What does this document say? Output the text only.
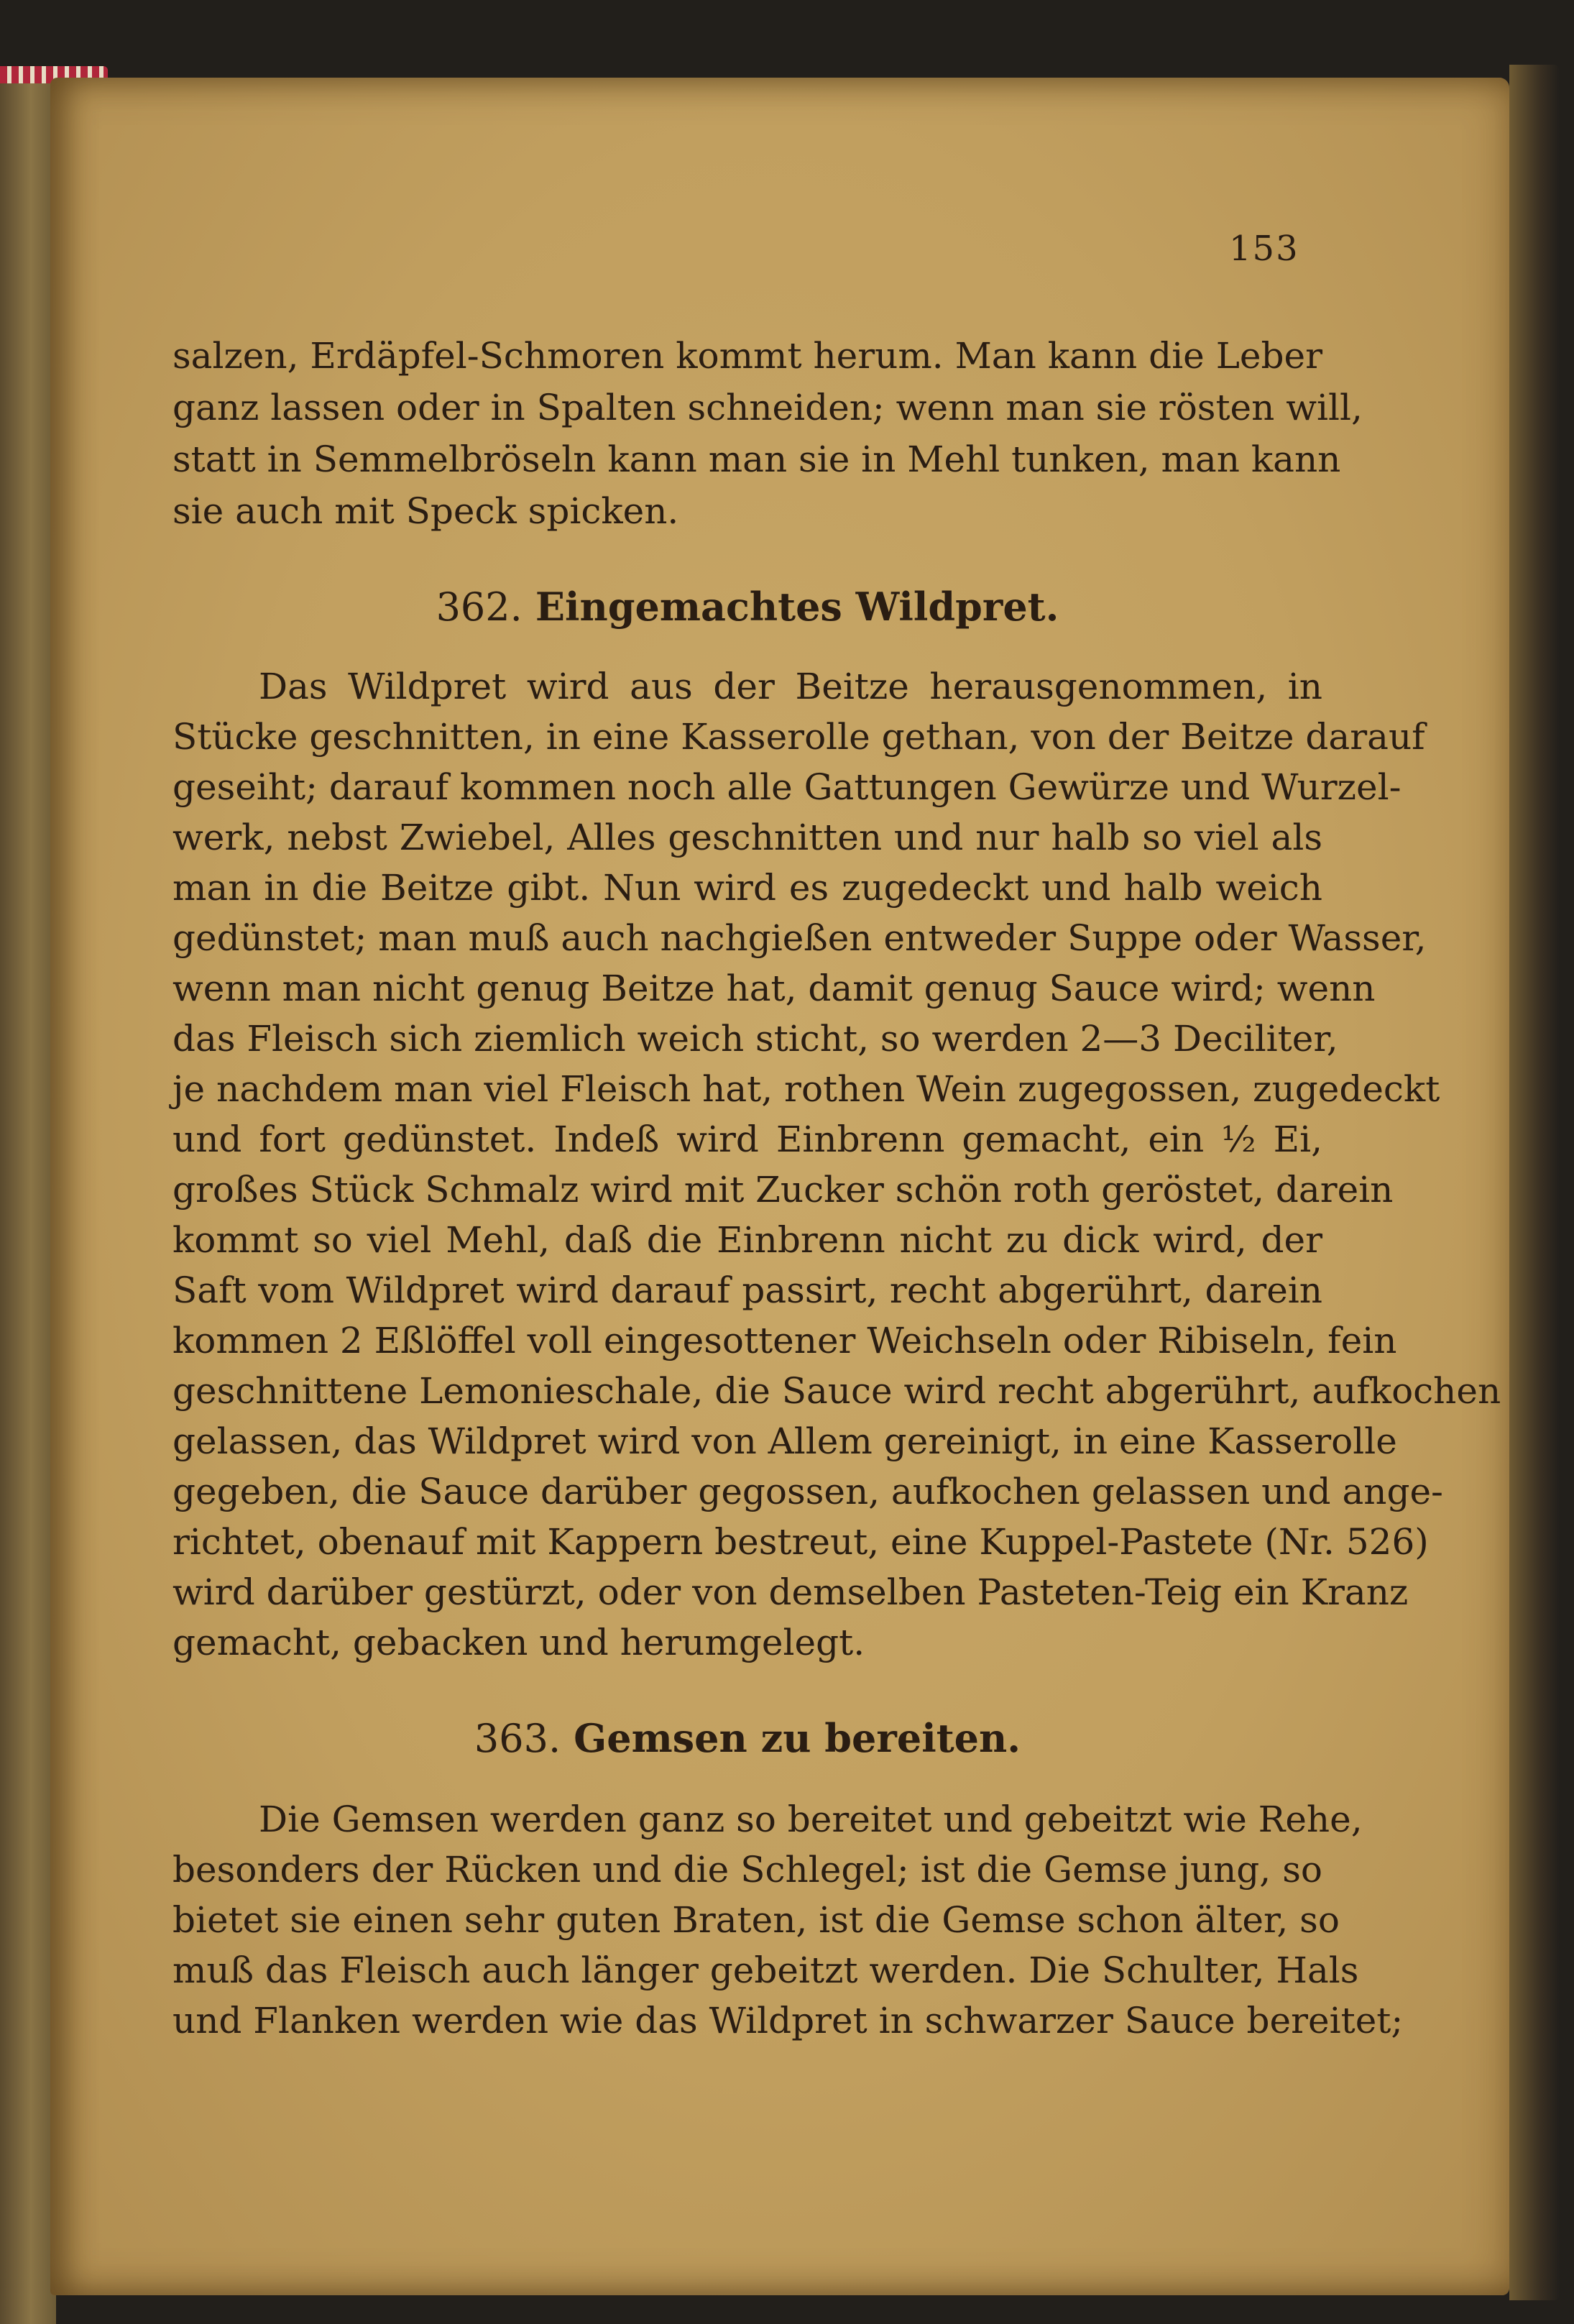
153
salzen, Erdäpfel-Schmoren kommt herum. Man kann die Leber
ganz lassen oder in Spalten schneiden; wenn man sie rösten will,
statt in Semmelbröseln kann man sie in Mehl tunken, man kann
sie auch mit Speck spicken.
362. Eingemachtes Wildpret.
Das Wildpret wird aus der Beitze herausgenommen, in
Stücke geschnitten, in eine Kasserolle gethan, von der Beitze darauf
geseiht; darauf kommen noch alle Gattungen Gewürze und Wurzel-
werk, nebst Zwiebel, Alles geschnitten und nur halb so viel als
man in die Beitze gibt. Nun wird es zugedeckt und halb weich
gedünstet; man muß auch nachgießen entweder Suppe oder Wasser,
wenn man nicht genug Beitze hat, damit genug Sauce wird; wenn
das Fleisch sich ziemlich weich sticht, so werden 2—3 Deciliter,
je nachdem man viel Fleisch hat, rothen Wein zugegossen, zugedeckt
und fort gedünstet. Indeß wird Einbrenn gemacht, ein ½ Ei,
großes Stück Schmalz wird mit Zucker schön roth geröstet, darein
kommt so viel Mehl, daß die Einbrenn nicht zu dick wird, der
Saft vom Wildpret wird darauf passirt, recht abgerührt, darein
kommen 2 Eßlöffel voll eingesottener Weichseln oder Ribiseln, fein
geschnittene Lemonieschale, die Sauce wird recht abgerührt, aufkochen
gelassen, das Wildpret wird von Allem gereinigt, in eine Kasserolle
gegeben, die Sauce darüber gegossen, aufkochen gelassen und ange-
richtet, obenauf mit Kappern bestreut, eine Kuppel-Pastete (Nr. 526)
wird darüber gestürzt, oder von demselben Pasteten-Teig ein Kranz
gemacht, gebacken und herumgelegt.
363. Gemsen zu bereiten.
Die Gemsen werden ganz so bereitet und gebeitzt wie Rehe,
besonders der Rücken und die Schlegel; ist die Gemse jung, so
bietet sie einen sehr guten Braten, ist die Gemse schon älter, so
muß das Fleisch auch länger gebeitzt werden. Die Schulter, Hals
und Flanken werden wie das Wildpret in schwarzer Sauce bereitet;
